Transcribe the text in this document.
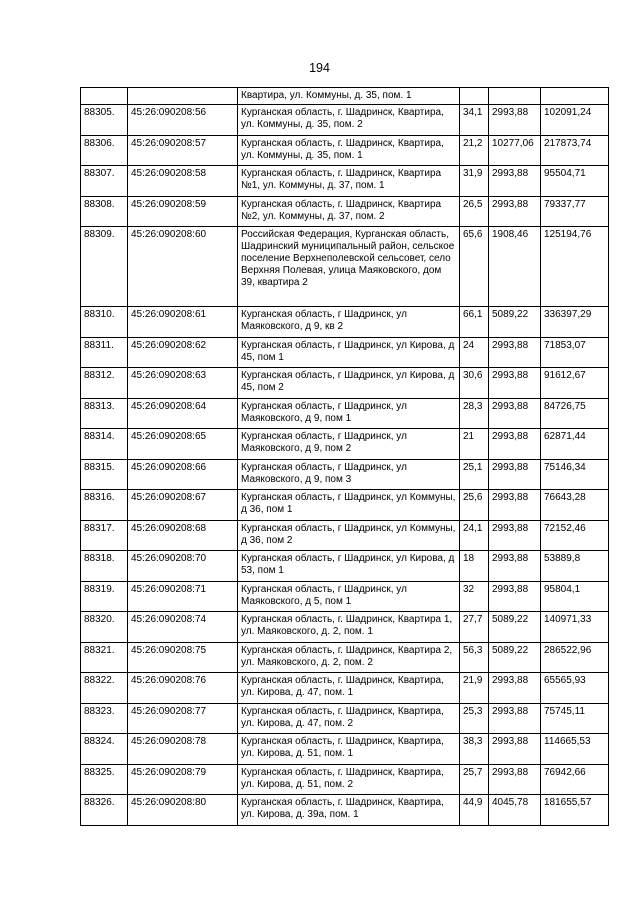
194
		Квартира, ул. Коммуны, д. 35, пом. 1			
88305.	45:26:090208:56	Курганская область, г. Шадринск, Квартира, ул. Коммуны, д. 35, пом. 2	34,1	2993,88	102091,24
88306.	45:26:090208:57	Курганская область, г. Шадринск, Квартира, ул. Коммуны, д. 35, пом. 1	21,2	10277,06	217873,74
88307.	45:26:090208:58	Курганская область, г. Шадринск, Квартира №1, ул. Коммуны, д. 37, пом. 1	31,9	2993,88	95504,71
88308.	45:26:090208:59	Курганская область, г. Шадринск, Квартира №2, ул. Коммуны, д. 37, пом. 2	26,5	2993,88	79337,77
88309.	45:26:090208:60	Российская Федерация, Курганская область, Шадринский муниципальный район, сельское поселение Верхнеполевской сельсовет, село Верхняя Полевая, улица Маяковского, дом 39, квартира 2	65,6	1908,46	125194,76
88310.	45:26:090208:61	Курганская область, г Шадринск, ул Маяковского, д 9, кв 2	66,1	5089,22	336397,29
88311.	45:26:090208:62	Курганская область, г Шадринск, ул Кирова, д 45, пом 1	24	2993,88	71853,07
88312.	45:26:090208:63	Курганская область, г Шадринск, ул Кирова, д 45, пом 2	30,6	2993,88	91612,67
88313.	45:26:090208:64	Курганская область, г Шадринск, ул Маяковского, д 9, пом 1	28,3	2993,88	84726,75
88314.	45:26:090208:65	Курганская область, г Шадринск, ул Маяковского, д 9, пом 2	21	2993,88	62871,44
88315.	45:26:090208:66	Курганская область, г Шадринск, ул Маяковского, д 9, пом 3	25,1	2993,88	75146,34
88316.	45:26:090208:67	Курганская область, г Шадринск, ул Коммуны, д 36, пом 1	25,6	2993,88	76643,28
88317.	45:26:090208:68	Курганская область, г Шадринск, ул Коммуны, д 36, пом 2	24,1	2993,88	72152,46
88318.	45:26:090208:70	Курганская область, г Шадринск, ул Кирова, д 53, пом 1	18	2993,88	53889,8
88319.	45:26:090208:71	Курганская область, г Шадринск, ул Маяковского, д 5, пом 1	32	2993,88	95804,1
88320.	45:26:090208:74	Курганская область, г. Шадринск, Квартира 1, ул. Маяковского, д. 2, пом. 1	27,7	5089,22	140971,33
88321.	45:26:090208:75	Курганская область, г. Шадринск, Квартира 2, ул. Маяковского, д. 2, пом. 2	56,3	5089,22	286522,96
88322.	45:26:090208:76	Курганская область, г. Шадринск, Квартира, ул. Кирова, д. 47, пом. 1	21,9	2993,88	65565,93
88323.	45:26:090208:77	Курганская область, г. Шадринск, Квартира, ул. Кирова, д. 47, пом. 2	25,3	2993,88	75745,11
88324.	45:26:090208:78	Курганская область, г. Шадринск, Квартира, ул. Кирова, д. 51, пом. 1	38,3	2993,88	114665,53
88325.	45:26:090208:79	Курганская область, г. Шадринск, Квартира, ул. Кирова, д. 51, пом. 2	25,7	2993,88	76942,66
88326.	45:26:090208:80	Курганская область, г. Шадринск, Квартира, ул. Кирова, д. 39а, пом. 1	44,9	4045,78	181655,57
